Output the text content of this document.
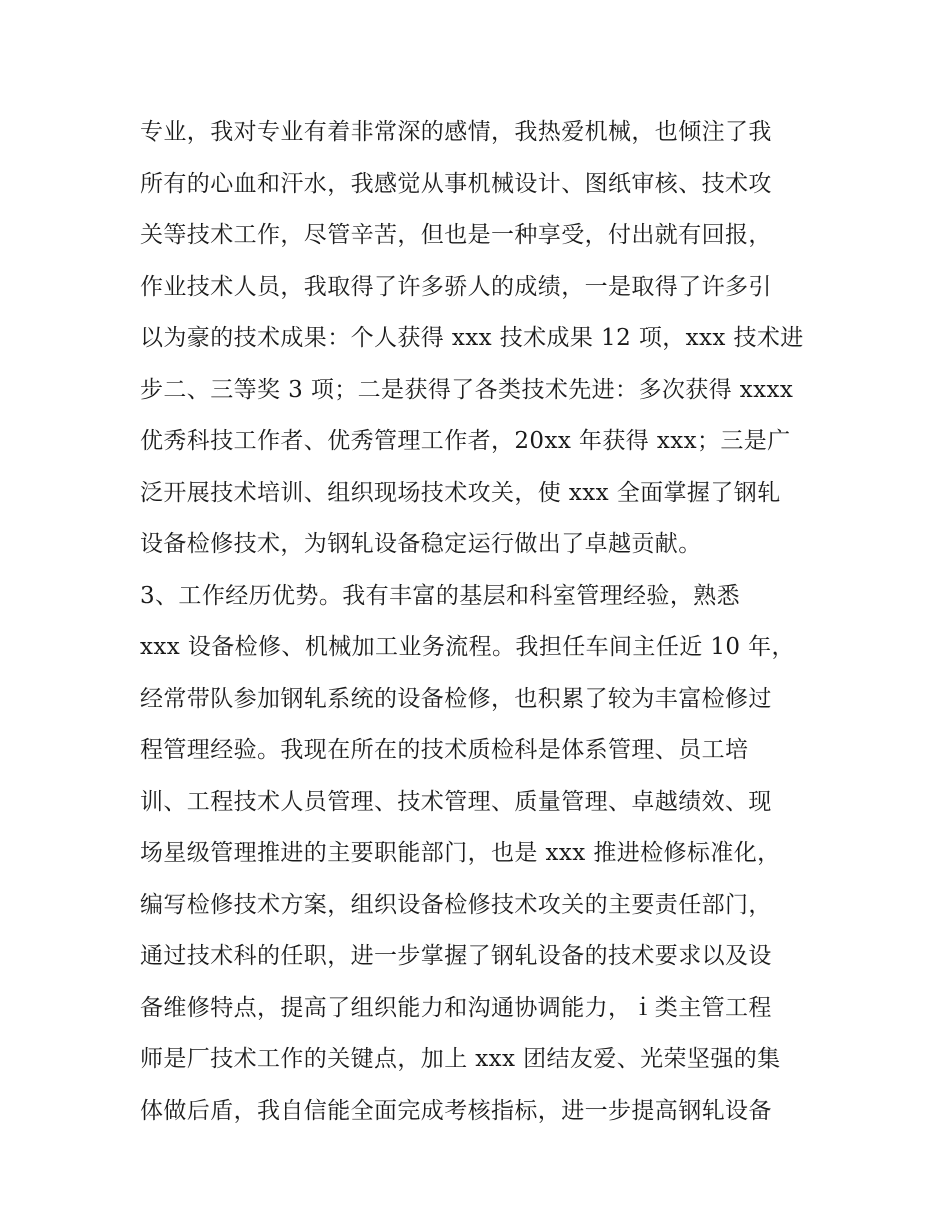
专业，我对专业有着非常深的感情，我热爱机械，也倾注了我
所有的心血和汗水，我感觉从事机械设计、图纸审核、技术攻
关等技术工作，尽管辛苦，但也是一种享受，付出就有回报，
作业技术人员，我取得了许多骄人的成绩，一是取得了许多引
以为豪的技术成果：个人获得 xxx 技术成果 12 项，xxx 技术进
步二、三等奖 3 项；二是获得了各类技术先进：多次获得 xxxx
优秀科技工作者、优秀管理工作者，20xx 年获得 xxx；三是广
泛开展技术培训、组织现场技术攻关，使 xxx 全面掌握了钢轧
设备检修技术，为钢轧设备稳定运行做出了卓越贡献。
3、工作经历优势。我有丰富的基层和科室管理经验，熟悉
xxx 设备检修、机械加工业务流程。我担任车间主任近 10 年，
经常带队参加钢轧系统的设备检修，也积累了较为丰富检修过
程管理经验。我现在所在的技术质检科是体系管理、员工培
训、工程技术人员管理、技术管理、质量管理、卓越绩效、现
场星级管理推进的主要职能部门，也是 xxx 推进检修标准化，
编写检修技术方案，组织设备检修技术攻关的主要责任部门，
通过技术科的任职，进一步掌握了钢轧设备的技术要求以及设
备维修特点，提高了组织能力和沟通协调能力，ｉ类主管工程
师是厂技术工作的关键点，加上 xxx 团结友爱、光荣坚强的集
体做后盾，我自信能全面完成考核指标，进一步提高钢轧设备
